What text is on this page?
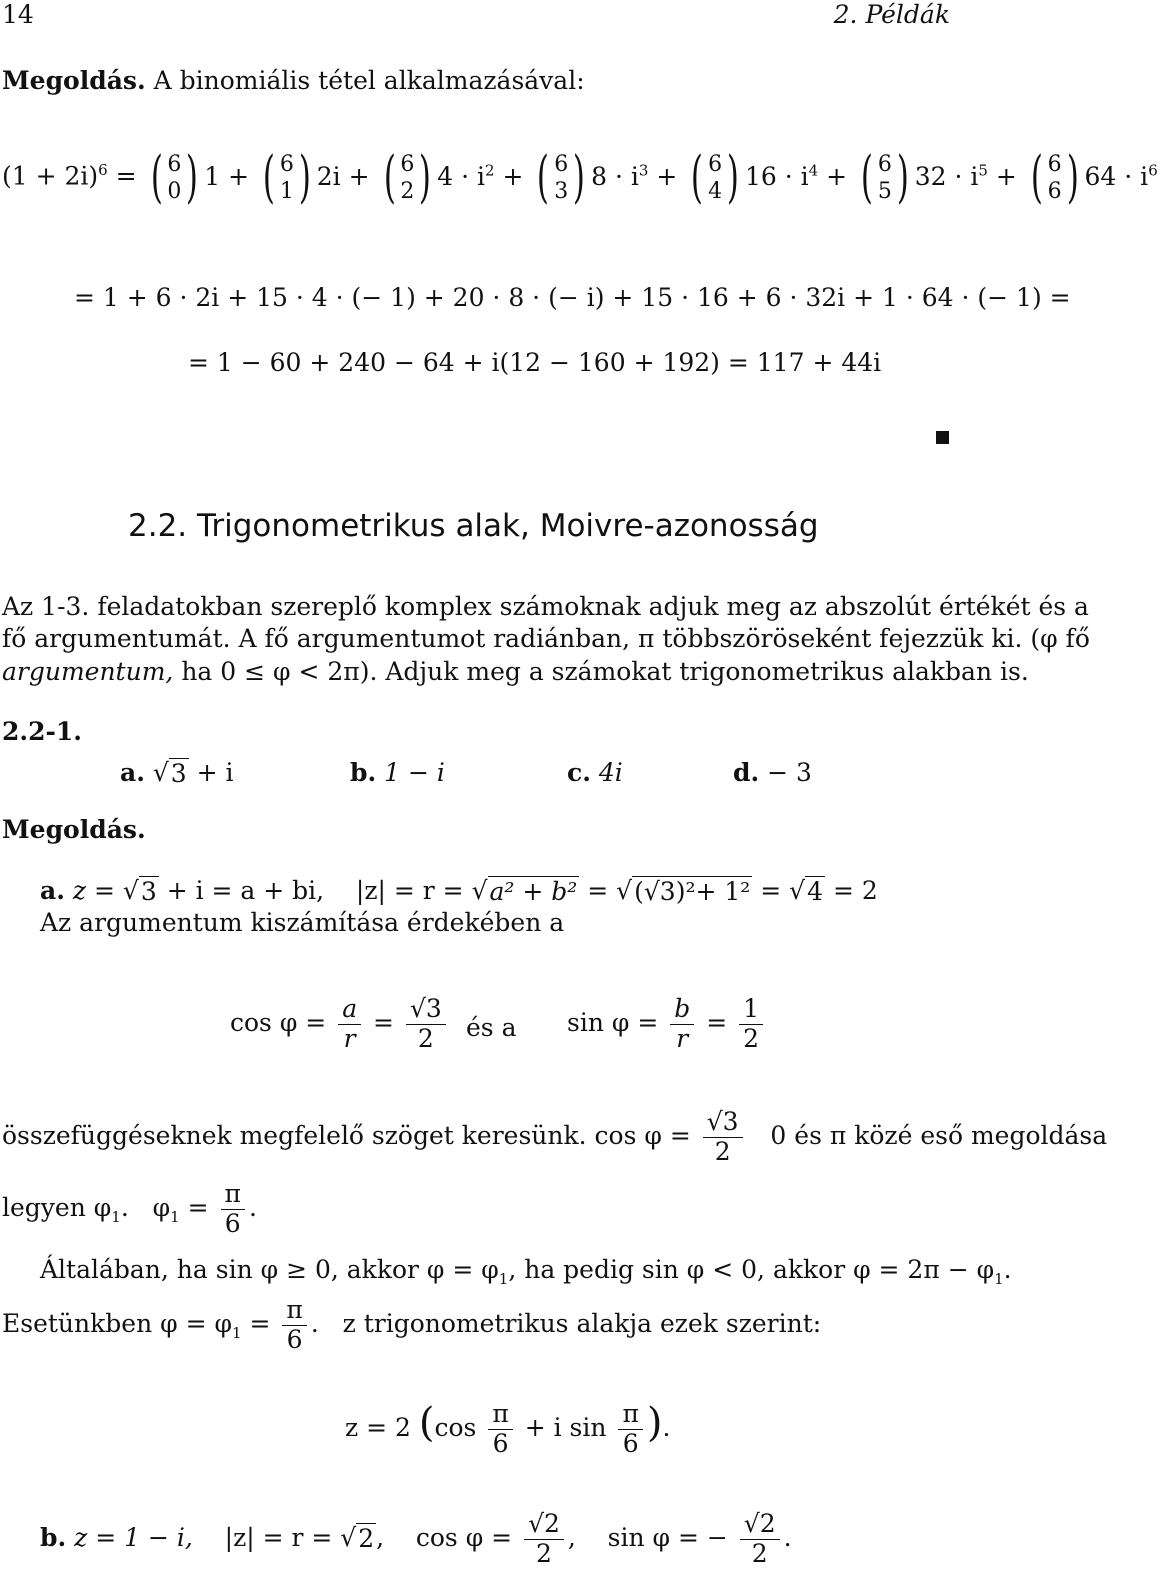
14	2. Példák
Megoldás. A binomiális tétel alkalmazásával:
$(1 + 2i)^6$ = ( 6
0 ) 1 + ( 6
1 ) 2i + ( 6
2 ) $4 \cdot i^2$ + ( 6
3 ) $8 \cdot i^3$ + ( 6
4 ) $16 \cdot i^4$ + ( 6
5 ) $32 \cdot i^5$ + ( 6
6 ) $64 \cdot i^6$
= 1 + 6 · 2i + 15 · 4 · (− 1) + 20 · 8 · (− i) + 15 · 16 + 6 · 32i + 1 · 64 · (− 1) =
= 1 − 60 + 240 − 64 + i(12 − 160 + 192) = 117 + 44i
2.2. Trigonometrikus alak, Moivre-azonosság
Az 1-3. feladatokban szereplő komplex számoknak adjuk meg az abszolút értékét és a
fő argumentumát. A fő argumentumot radiánban, π többszöröseként fejezzük ki. (φ fő
argumentum, ha 0 ≤ φ < 2π). Adjuk meg a számokat trigonometrikus alakban is.
2.2-1.
a. √ 3 + i	b. 1 − i	c. 4i	d. − 3
Megoldás.
a. z = √ 3 + i = a + bi, |z| = r = √ a² + b² = √ (√3)²+ 1² = √ 4 = 2
Az argumentum kiszámítása érdekében a
$\cos \varphi = \frac{a}{r} = \frac{√3}{2}$ és a $\sin \varphi = \frac{b}{r} = \frac{1}{2}$
összefüggéseknek megfelelő szöget keresünk. $\cos \varphi = \frac{√3}{2} 0$ és π közé eső megoldása
legyen $\varphi_1$.   $\varphi_1 = \frac{\pi}{6}$ .
Általában, ha sin φ ≥ 0, akkor $\varphi = \varphi_1$, ha pedig sin φ < 0, akkor $\varphi = 2\pi - \varphi_1$.
Esetünkben $\varphi = \varphi_1 = \frac{\pi}{6}$ .   z trigonometrikus alakja ezek szerint:
z = 2 ($\cos \frac{\pi}{6} + i$ $\sin \frac{\pi}{6}$ ).
b. z = 1 − i, |z| = r = √ 2 ,    $\cos \varphi = \frac{√2}{2}$ ,    sin φ = − $\frac{√2}{2}$ .
